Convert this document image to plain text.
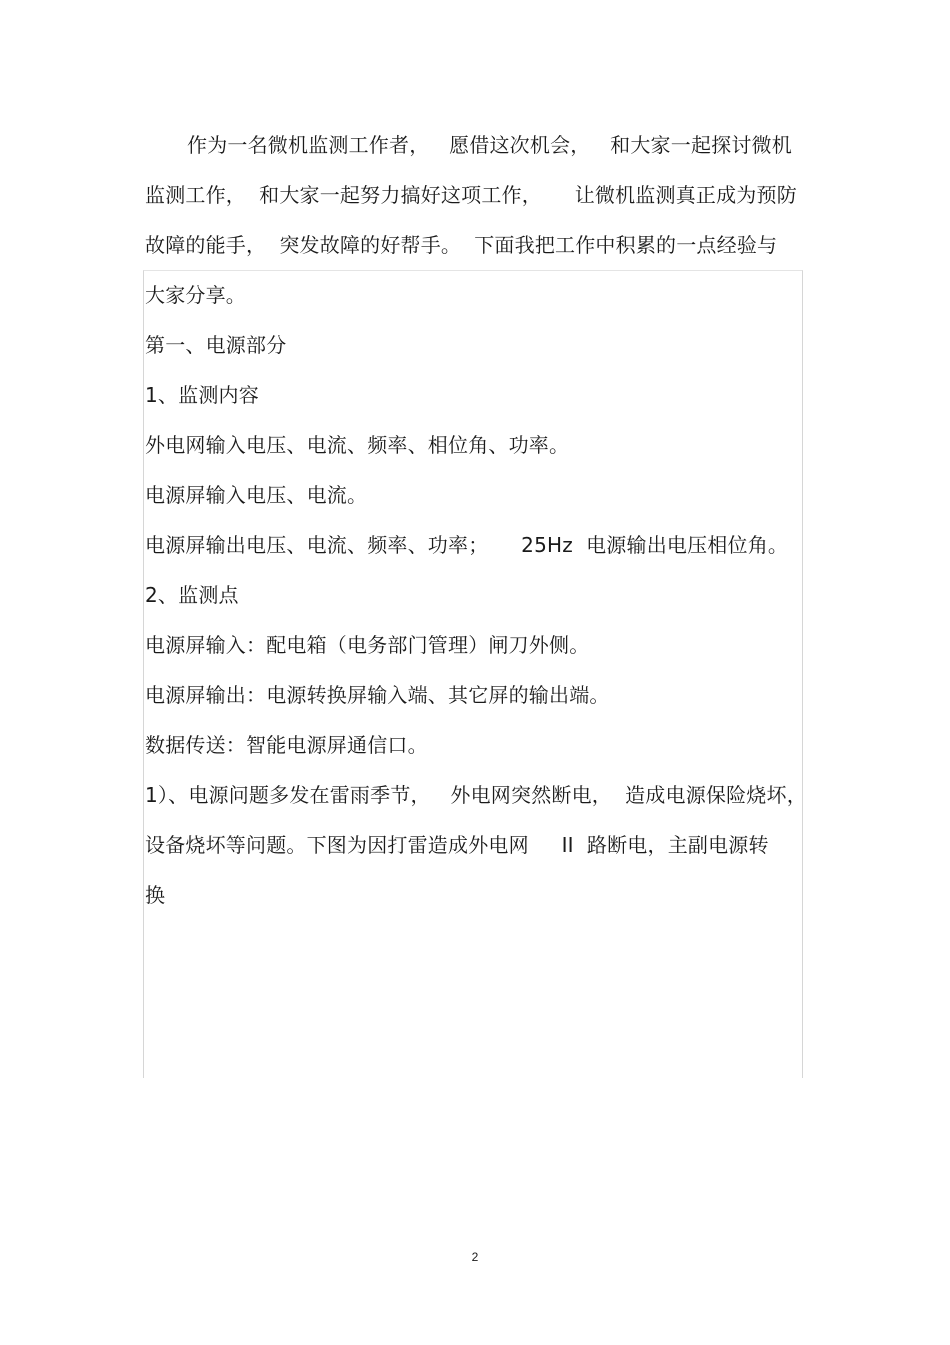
作为一名微机监测工作者，   愿借这次机会，   和大家一起探讨微机
监测工作，  和大家一起努力搞好这项工作，     让微机监测真正成为预防
故障的能手，  突发故障的好帮手。  下面我把工作中积累的一点经验与
大家分享。
第一、电源部分
1、监测内容
外电网输入电压、电流、频率、相位角、功率。
电源屏输入电压、电流。
电源屏输出电压、电流、频率、功率；     25Hz  电源输出电压相位角。
2、监测点
电源屏输入：配电箱（电务部门管理）闸刀外侧。
电源屏输出：电源转换屏输入端、其它屏的输出端。
数据传送：智能电源屏通信口。
1）、电源问题多发在雷雨季节，   外电网突然断电，  造成电源保险烧坏，
设备烧坏等问题。下图为因打雷造成外电网     II  路断电，主副电源转
换
2
